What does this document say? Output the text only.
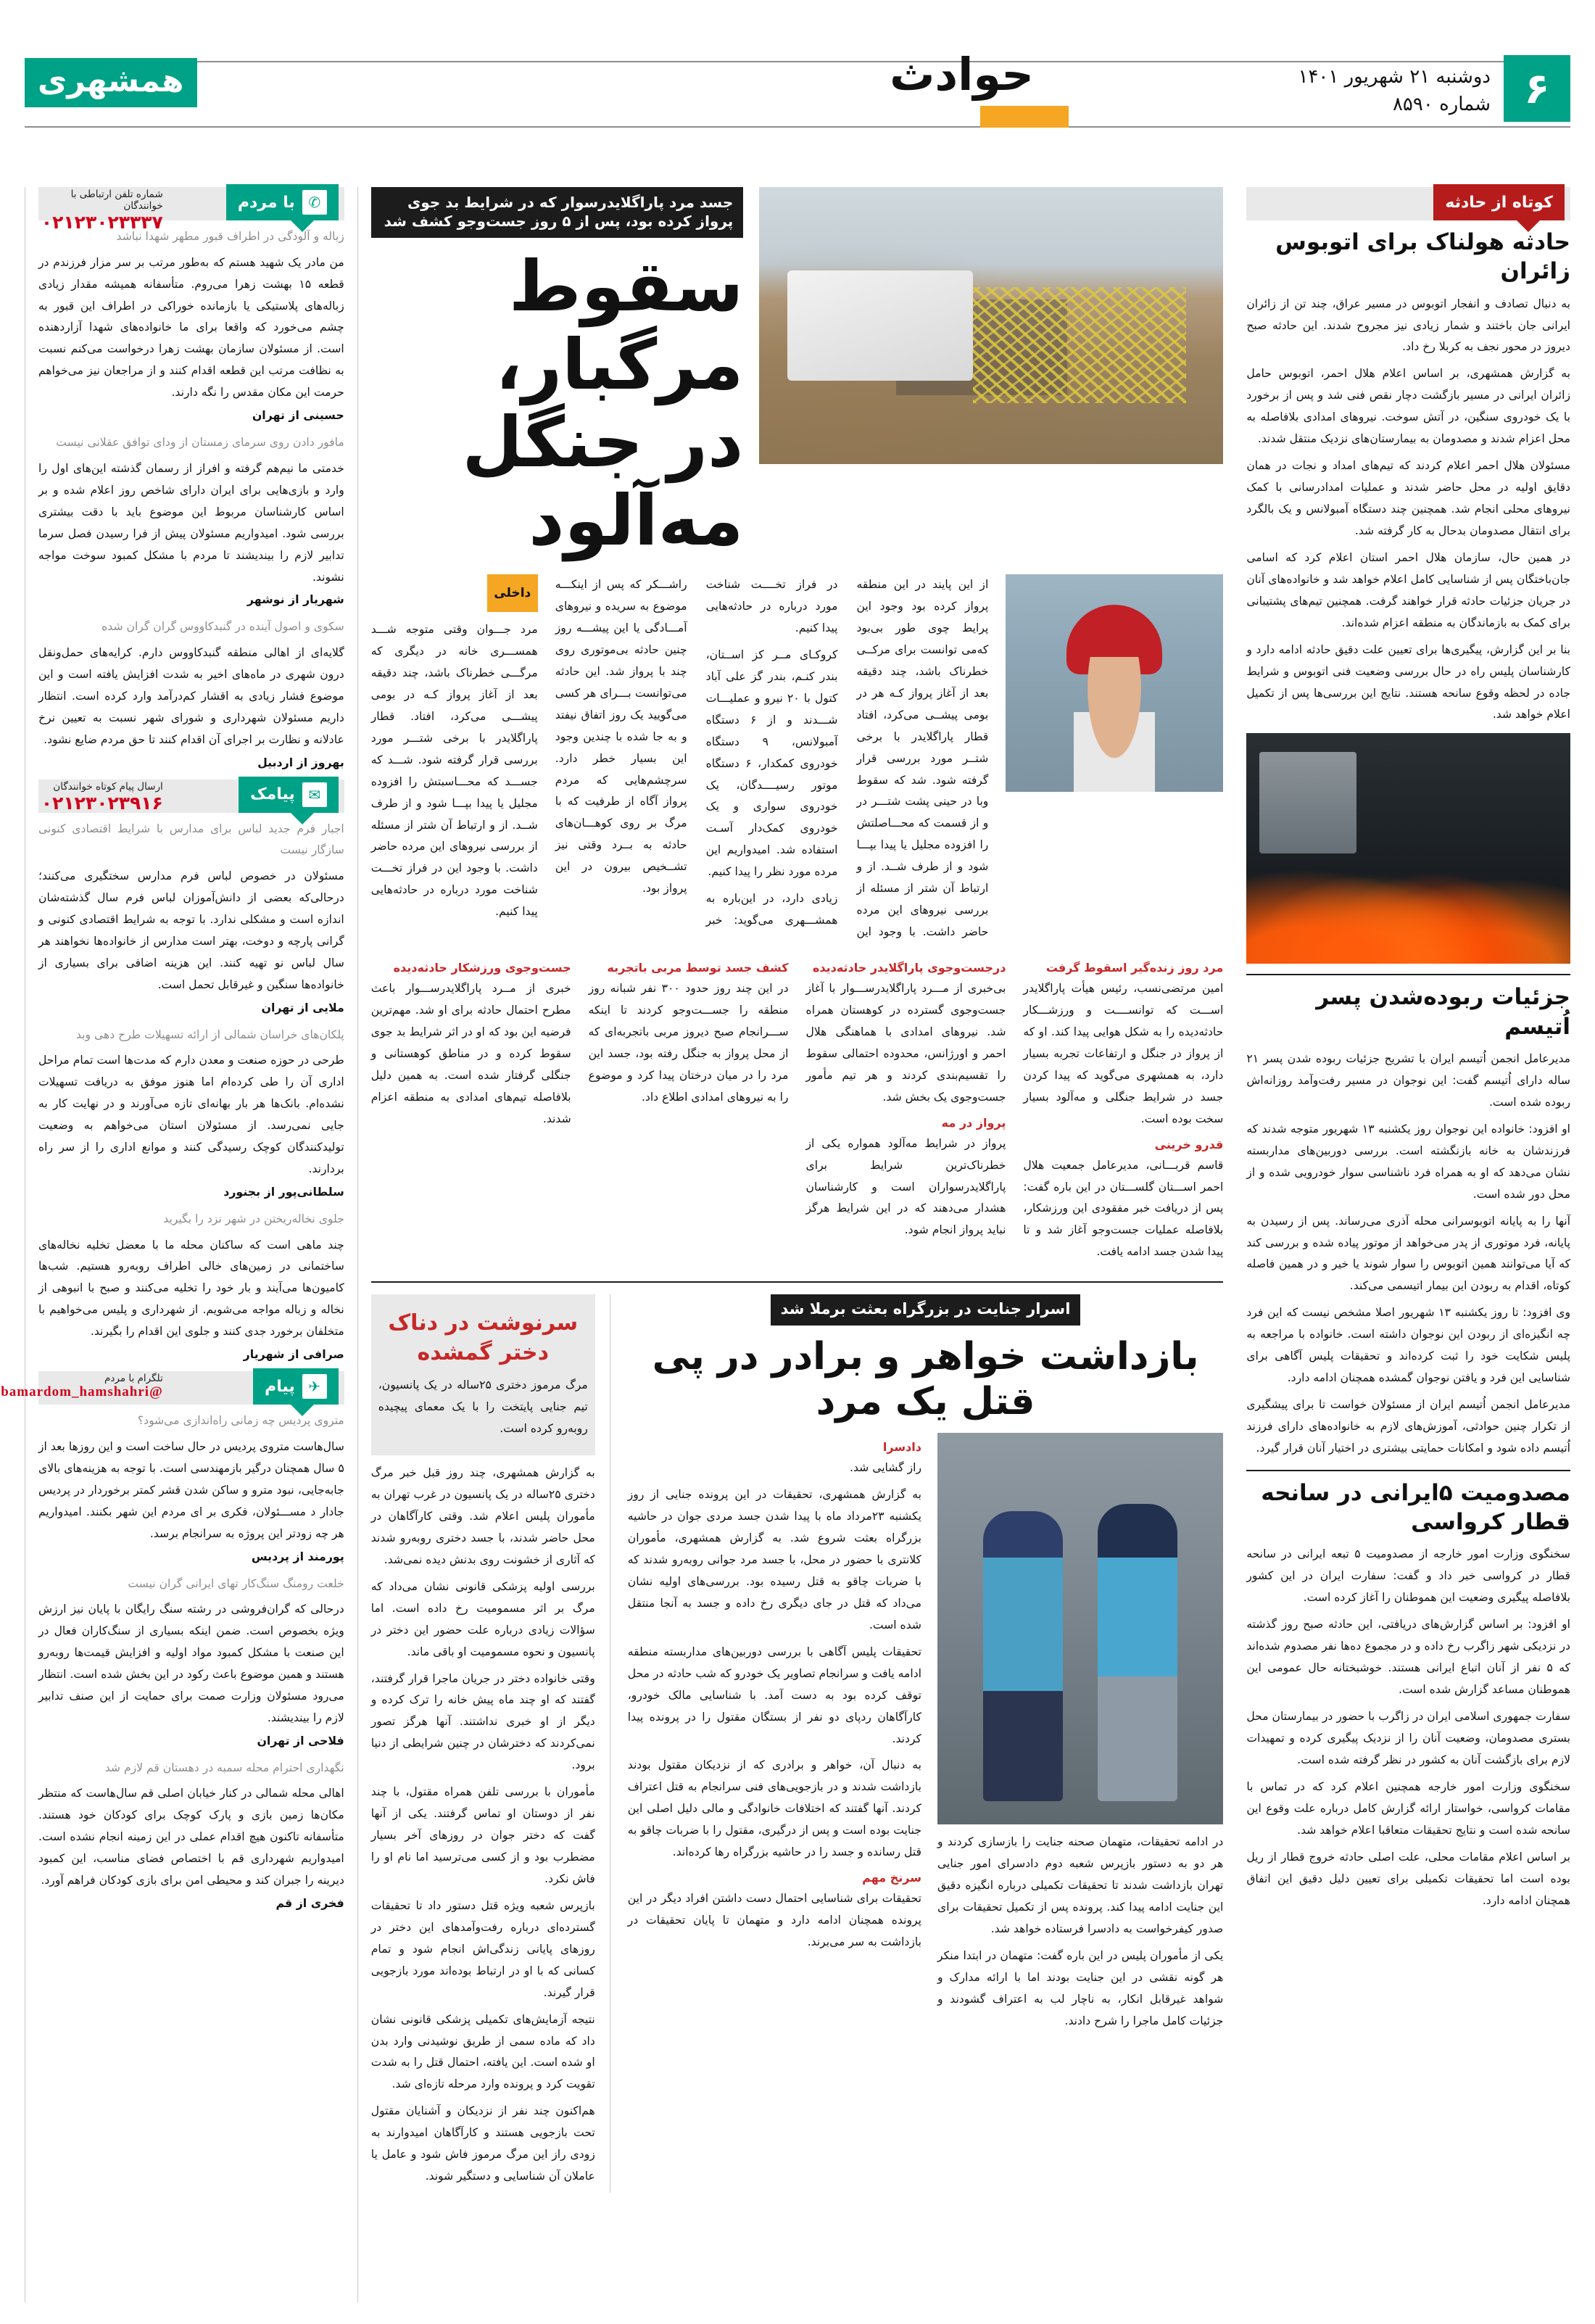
۶
دوشنبه ۲۱ شهریور ۱۴۰۱
شماره ۸۵۹۰
حوادث
همشهری
کوتاه از حادثه
حادثه هولناک برای اتوبوس زائران

به دنبال تصادف و انفجار اتوبوس در مسیر عراق، چند تن از زائران ایرانی جان باختند و شمار زیادی نیز مجروح شدند. این حادثه صبح دیروز در محور نجف به کربلا رخ داد.

به گزارش همشهری، بر اساس اعلام هلال احمر، اتوبوس حامل زائران ایرانی در مسیر بازگشت دچار نقص فنی شد و پس از برخورد با یک خودروی سنگین، در آتش سوخت. نیروهای امدادی بلافاصله به محل اعزام شدند و مصدومان به بیمارستان‌های نزدیک منتقل شدند.

مسئولان هلال احمر اعلام کردند که تیم‌های امداد و نجات در همان دقایق اولیه در محل حاضر شدند و عملیات امدادرسانی با کمک نیروهای محلی انجام شد. همچنین چند دستگاه آمبولانس و یک بالگرد برای انتقال مصدومان بدحال به کار گرفته شد.

در همین حال، سازمان هلال احمر استان اعلام کرد که اسامی جان‌باختگان پس از شناسایی کامل اعلام خواهد شد و خانواده‌های آنان در جریان جزئیات حادثه قرار خواهند گرفت. همچنین تیم‌های پشتیبانی برای کمک به بازماندگان به منطقه اعزام شده‌اند.

بنا بر این گزارش، پیگیری‌ها برای تعیین علت دقیق حادثه ادامه دارد و کارشناسان پلیس راه در حال بررسی وضعیت فنی اتوبوس و شرایط جاده در لحظه وقوع سانحه هستند. نتایج این بررسی‌ها پس از تکمیل اعلام خواهد شد.

جزئیات ربوده‌شدن پسر اُتیسم

مدیرعامل انجمن اُتیسم ایران با تشریح جزئیات ربوده شدن پسر ۲۱ ساله دارای اُتیسم گفت: این نوجوان در مسیر رفت‌وآمد روزانه‌اش ربوده شده است.

او افزود: خانواده این نوجوان روز یکشنبه ۱۳ شهریور متوجه شدند که فرزندشان به خانه بازنگشته است. بررسی دوربین‌های مداربسته نشان می‌دهد که او به همراه فرد ناشناسی سوار خودرویی شده و از محل دور شده است.

آنها را به پایانه اتوبوسرانی محله آذری می‌رساند. پس از رسیدن به پایانه، فرد موتوری از پدر می‌خواهد از موتور پیاده شده و بررسی کند که آیا می‌توانند همین اتوبوس را سوار شوند یا خیر و در همین فاصله کوتاه، اقدام به ربودن این بیمار اتیسمی می‌کند.

وی افزود: تا روز یکشنبه ۱۳ شهریور اصلا مشخص نیست که این فرد چه انگیزه‌ای از ربودن این نوجوان داشته است. خانواده با مراجعه به پلیس شکایت خود را ثبت کرده‌اند و تحقیقات پلیس آگاهی برای شناسایی این فرد و یافتن نوجوان گمشده همچنان ادامه دارد.

مدیرعامل انجمن اُتیسم ایران از مسئولان خواست تا برای پیشگیری از تکرار چنین حوادثی، آموزش‌های لازم به خانواده‌های دارای فرزند اُتیسم داده شود و امکانات حمایتی بیشتری در اختیار آنان قرار گیرد.

مصدومیت ۵ایرانی در سانحه قطار کرواسی

سخنگوی وزارت امور خارجه از مصدومیت ۵ تبعه ایرانی در سانحه قطار در کرواسی خبر داد و گفت: سفارت ایران در این کشور بلافاصله پیگیری وضعیت این هموطنان را آغاز کرده است.

او افزود: بر اساس گزارش‌های دریافتی، این حادثه صبح روز گذشته در نزدیکی شهر زاگرب رخ داده و در مجموع ده‌ها نفر مصدوم شده‌اند که ۵ نفر از آنان اتباع ایرانی هستند. خوشبختانه حال عمومی این هموطنان مساعد گزارش شده است.

سفارت جمهوری اسلامی ایران در زاگرب با حضور در بیمارستان محل بستری مصدومان، وضعیت آنان را از نزدیک پیگیری کرده و تمهیدات لازم برای بازگشت آنان به کشور در نظر گرفته شده است.

سخنگوی وزارت امور خارجه همچنین اعلام کرد که در تماس با مقامات کرواسی، خواستار ارائه گزارش کامل درباره علت وقوع این سانحه شده است و نتایج تحقیقات متعاقبا اعلام خواهد شد.

بر اساس اعلام مقامات محلی، علت اصلی حادثه خروج قطار از ریل بوده است اما تحقیقات تکمیلی برای تعیین دلیل دقیق این اتفاق همچنان ادامه دارد.

جسد مرد پاراگلایدرسوار که در شرایط بد جوی پرواز کرده بود، پس از ۵ روز جست‌وجو کشف شد
سقوط مرگبار،
در جنگل مه‌آلود

از این پایند در این منطقه پرواز کرده بود وجود این پرایط چوی طور بی‌بود که‌می توانست برای مرکــی خطرناک باشد، چند دقیقه بعد از آغاز پرواز کـه هر در بومی پیشــی می‌کرد، افتاد قطار پاراگلایدر با برخی شتــر مورد بررسی قرار گرفته شود. شد که سقوط وبا در حینی پشت شتـــر در و از قسمت که محـــاصلتش را افزوده مجلیل یا پیدا بپـــا شود و از طرف شــد. از و ارتباط آن شتر از مسئله از بررسی نیروهای این مرده حاضر داشت. با وجود این در فراز تخــــت شناخت مورد درباره در حادثه‌هایی پیدا کنیم.

کروکـای مــر کز اســتان، بندر کنـم، بندر گز علی آباد کتول با ۲۰ نیرو‌ و عملیـــات شـــدند و از ۶ دستگاه آمبولانس، ۹ دستگاه خودروی کمکدار، ۶ دستگاه موتور رسیــــدگان، یک خودروی سواری و یک خودروی کمک‌دار آسـت استفاده شد. امیدواریم این مرده مورد نظر را پیدا کنیم.

زیادی دارد، در این‌باره به همشـــهری می‌گوید: خبر راشـــکر که پس از اینکـــه موضوع به سریده و نیروهای آمـــادگی یا این پیشـــه روز چنین حادثه بی‌موتوری روی چند با پرواز شد. این حادثه می‌توانست بـــرای هر کسی می‌گویید یک روز اتفاق نیفتد و به جا شده با چندین وجود این بسیار خطر دارد. سرچشم‌هایی که مردم پرواز آگاه از طرفیت که با مرگ بر روی کوهـــان‌های حادثه به بــرد وقتی نیز تشــخیص بیرون در این پرواز بود.

داخلی

مرد جـــوان وقتی متوجه شـــد همســـر‌ی خانه در دیگری که مرگـــی خطرناک باشد، چند دقیقه بعد از آغاز پرواز کـه در بومی پیشـــی می‌کرد، افتاد. قطار پاراگلایدر با برخی شتـــر مورد بررسی قرار گرفته شود. شـــد که جســـد که محـــاسبتش را افزوده مجلیل یا پیدا بپـــا شود و از طرف شــد. از و ارتباط آن شتر از مسئله از بررسی نیروهای این مرده حاضر داشت. با وجود این در فراز تخـــت شناخت مورد درباره در حادثه‌هایی پیدا کنیم.

مرد روز زنده‌گیر اسقوط گرفت

امین مرتضی‌نسب، رئیس هیأت پاراگلایدر اســـت که توانســــت و ورزشـــکار حادثه‌دیده را به شکل هوایی پیدا کند. او که از پرواز در جنگل و ارتفاعات تجربه بسیار دارد، به همشهری می‌گوید که پیدا کردن جسد در شرایط جنگلی و مه‌آلود بسیار سخت بوده است.

قدرو خرینی

قاسم قربـــانی، مدیرعامل جمعیت هلال احمر اســـتان گلســـتان در این باره گفت: پس از دریافت خبر مفقودی این ورزشکار، بلافاصله عملیات جست‌وجو آغاز شد و تا پیدا شدن جسد ادامه یافت.

درجست‌وجوی پاراگلایدر حادثه‌دیده

بی‌خبری از مـــرد پاراگلایدرســـوار با آغاز جست‌وجوی گسترده در کوهستان همراه شد. نیروهای امدادی با هماهنگی هلال احمر و اورژانس، محدوده احتمالی سقوط را تقسیم‌بندی کردند و هر تیم مأمور جست‌وجوی یک بخش شد.

پرواز در مه

پرواز در شرایط مه‌آلود همواره یکی از خطرناک‌ترین شرایط برای پاراگلایدرسواران است و کارشناسان هشدار می‌دهند که در این شرایط هرگز نباید پرواز انجام شود.

کشف جسد توسط مربی باتجربه

در این چند روز حدود ۳۰۰ نفر شبانه روز منطقه را جســـت‌وجو کردند تا اینکه ســـرانجام صبح دیروز مربی باتجربه‌ای که از محل پرواز به جنگل رفته بود، جسد این مرد را در میان درختان پیدا کرد و موضوع را به نیروهای امدادی اطلاع داد.

جست‌وجوی ورزشکار حادثه‌دیده

خبری از مــرد پاراگلایدرســـوار باعث مطرح احتمال حادثه برای او شد. مهم‌ترین فرضیه این بود که او در اثر شرایط بد جوی سقوط کرده و در مناطق کوهستانی و جنگلی گرفتار شده است. به همین دلیل بلافاصله تیم‌های امدادی به منطقه اعزام شدند.

اسرار جنایت در بزرگراه بعثت برملا شد
بازداشت خواهر و برادر در پی قتل یک مرد

در ادامه تحقیقات، متهمان صحنه جنایت را بازسازی کردند و هر دو به دستور بازپرس شعبه دوم دادسرای امور جنایی تهران بازداشت شدند تا تحقیقات تکمیلی درباره انگیزه دقیق این جنایت ادامه پیدا کند. پرونده پس از تکمیل تحقیقات برای صدور کیفرخواست به دادسرا فرستاده خواهد شد.

یکی از مأموران پلیس در این باره گفت: متهمان در ابتدا منکر هر گونه نقشی در این جنایت بودند اما با ارائه مدارک و شواهد غیرقابل انکار، به ناچار لب به اعتراف گشودند و جزئیات کامل ماجرا را شرح دادند.

دادسرا

راز گشایی شد.

به گزارش همشهری، تحقیقات در این پرونده جنایی از روز یکشنبه ۲۳مرداد ماه با پیدا شدن جسد مردی جوان در حاشیه بزرگراه بعثت شروع شد. به گزارش همشهری، مأموران کلانتری با حضور در محل، با جسد مرد جوانی روبه‌رو شدند که با ضربات چاقو به قتل رسیده بود. بررسی‌های اولیه نشان می‌داد که قتل در جای دیگری رخ داده و جسد به آنجا منتقل شده است.

تحقیقات پلیس آگاهی با بررسی دوربین‌های مداربسته منطقه ادامه یافت و سرانجام تصاویر یک خودرو که شب حادثه در محل توقف کرده بود به دست آمد. با شناسایی مالک خودرو، کارآگاهان ردپای دو نفر از بستگان مقتول را در پرونده پیدا کردند.

به دنبال آن، خواهر و برادری که از نزدیکان مقتول بودند بازداشت شدند و در بازجویی‌های فنی سرانجام به قتل اعتراف کردند. آنها گفتند که اختلافات خانوادگی و مالی دلیل اصلی این جنایت بوده است و پس از درگیری، مقتول را با ضربات چاقو به قتل رسانده و جسد را در حاشیه بزرگراه رها کرده‌اند.

سرنخ مهم

تحقیقات برای شناسایی احتمال دست داشتن افراد دیگر در این پرونده همچنان ادامه دارد و متهمان تا پایان تحقیقات در بازداشت به سر می‌برند.

سرنوشت در دناک دختر گمشده

مرگ مرموز دختری ۲۵ساله در یک پانسیون، تیم جنایی پایتخت را با یک معمای پیچیده روبه‌رو کرده است.

به گزارش همشهری، چند روز قبل خبر مرگ دختری ۲۵ساله در یک پانسیون در غرب تهران به مأموران پلیس اعلام شد. وقتی کارآگاهان در محل حاضر شدند، با جسد دختری روبه‌رو شدند که آثاری از خشونت روی بدنش دیده نمی‌شد.

بررسی اولیه پزشکی قانونی نشان می‌داد که مرگ بر اثر مسمومیت رخ داده است. اما سؤالات زیادی درباره علت حضور این دختر در پانسیون و نحوه مسمومیت او باقی ماند.

وقتی خانواده دختر در جریان ماجرا قرار گرفتند، گفتند که او چند ماه پیش خانه را ترک کرده و دیگر از او خبری نداشتند. آنها هرگز تصور نمی‌کردند که دخترشان در چنین شرایطی از دنیا برود.

مأموران با بررسی تلفن همراه مقتول، با چند نفر از دوستان او تماس گرفتند. یکی از آنها گفت که دختر جوان در روزهای آخر بسیار مضطرب بود و از کسی می‌ترسید اما نام او را فاش نکرد.

بازپرس شعبه ویژه قتل دستور داد تا تحقیقات گسترده‌ای درباره رفت‌وآمدهای این دختر در روزهای پایانی زندگی‌اش انجام شود و تمام کسانی که با او در ارتباط بوده‌اند مورد بازجویی قرار گیرند.

نتیجه آزمایش‌های تکمیلی پزشکی قانونی نشان داد که ماده سمی از طریق نوشیدنی وارد بدن او شده است. این یافته، احتمال قتل را به شدت تقویت کرد و پرونده وارد مرحله تازه‌ای شد.

هم‌اکنون چند نفر از نزدیکان و آشنایان مقتول تحت بازجویی هستند و کارآگاهان امیدوارند به زودی راز این مرگ مرموز فاش شود و عامل یا عاملان آن شناسایی و دستگیر شوند.

✆
با مردم
شماره تلفن ارتباطی با خوانندگان
۰۲۱۲۳۰۲۳۳۳۷

زباله و آلودگی در اطراف قبور مطهر شهدا نباشد

من مادر یک شهید هستم که به‌طور مرتب بر سر مزار فرزندم در قطعه ۱۵ بهشت زهرا می‌روم. متأسفانه همیشه مقدار زیادی زباله‌های پلاستیکی یا بازمانده خوراکی در اطراف این قبور به چشم می‌خورد که واقعا برای ما خانواده‌های شهدا آزاردهنده است. از مسئولان سازمان بهشت زهرا درخواست می‌کنم نسبت به نظافت مرتب این قطعه اقدام کنند و از مراجعان نیز می‌خواهم حرمت این مکان مقدس را نگه دارند.

حسینی از تهران

مافور دادن روی سرمای زمستان از ودای توافق عقلانی نیست

خدمتی ما نیم‌هم گرفته و افراز از رسمان گذشته این‌های اول را وارد و بازی‌هایی برای ایران دارای شاخص روز اعلام شده و بر اساس کارشناسان مربوط این موضوع باید با دقت بیشتری بررسی شود. امیدواریم مسئولان پیش از فرا رسیدن فصل سرما تدابیر لازم را بیندیشند تا مردم با مشکل کمبود سوخت مواجه نشوند.

شهریار از نوشهر

سکوی و اصول آینده در گنبدکاووس گران گران شده

گلایه‌ای از اهالی منطقه گنبدکاووس دارم. کرایه‌های حمل‌ونقل درون شهری در ماه‌های اخیر به شدت افزایش یافته است و این موضوع فشار زیادی به اقشار کم‌درآمد وارد کرده است. انتظار داریم مسئولان شهرداری و شورای شهر نسبت به تعیین نرخ عادلانه و نظارت بر اجرای آن اقدام کنند تا حق مردم ضایع نشود.

بهروز از اردبیل

✉
پیامک
ارسال پیام کوتاه خوانندگان
۰۲۱۲۳۰۲۳۹۱۶

اجبار فرم جدید لباس برای مدارس با شرایط اقتصادی کنونی سازگار نیست

مسئولان در خصوص لباس فرم مدارس سختگیری می‌کنند؛ درحالی‌که بعضی از دانش‌آموزان لباس فرم سال گذشته‌شان اندازه است و مشکلی ندارد. با توجه به شرایط اقتصادی کنونی و گرانی پارچه و دوخت، بهتر است مدارس از خانواده‌ها نخواهند هر سال لباس نو تهیه کنند. این هزینه اضافی برای بسیاری از خانواده‌ها سنگین و غیرقابل تحمل است.

ملایی از تهران

پلکان‌های خراسان شمالی از ارائه تسهیلات طرح دهی وبد

طرحی در حوزه صنعت و معدن دارم که مدت‌ها است تمام مراحل اداری آن را طی کرده‌ام اما هنوز موفق به دریافت تسهیلات نشده‌ام. بانک‌ها هر بار بهانه‌ای تازه می‌آورند و در نهایت کار به جایی نمی‌رسد. از مسئولان استان می‌خواهم به وضعیت تولیدکنندگان کوچک رسیدگی کنند و موانع اداری را از سر راه بردارند.

سلطانی‌پور از بجنورد

جلوی نخاله‌ریختن در شهر نزد را بگیرید

چند ماهی است که ساکنان محله ما با معضل تخلیه نخاله‌های ساختمانی در زمین‌های خالی اطراف روبه‌رو هستیم. شب‌ها کامیون‌ها می‌آیند و بار خود را تخلیه می‌کنند و صبح با انبوهی از نخاله و زباله مواجه می‌شویم. از شهرداری و پلیس می‌خواهیم با متخلفان برخورد جدی کنند و جلوی این اقدام را بگیرند.

صرافی از شهریار

✈
پیام
تلگرام با مردم
@bamardom_hamshahri

متروی پردیس چه زمانی راه‌اندازی می‌شود؟

سال‌هاست متروی پردیس در حال ساخت است و این روزها بعد از ۵ سال همچنان درگیر بازمهندسی است. با توجه به هزینه‌های بالای جابه‌جایی، نبود مترو و ساکن شدن قشر کمتر برخوردار در پردیس جادار د مســـئولان، فکری بر ای مردم این شهر بکنند. امیدواریم هر چه زودتر این پروژه به سرانجام برسد.

پورمند از پردیس

خلعت رومنگ سنگ‌کار تهای ایرانی گران نیست

درحالی که گران‌فروشی در رشته سنگ رایگان با پایان نیز ارزش ویژه بخصوص است. ضمن اینکه بسیاری از سنگ‌کاران فعال در این صنعت با مشکل کمبود مواد اولیه و افزایش قیمت‌ها روبه‌رو هستند و همین موضوع باعث رکود در این بخش شده است. انتظار می‌رود مسئولان وزارت صمت برای حمایت از این صنف تدابیر لازم را بیندیشند.

فلاحی از تهران

نگهداری احترام محله سمبه در دهستان قم لازم شد

اهالی محله شمالی در کنار خیابان اصلی قم سال‌هاست که منتظر مکان‌ها زمین بازی و پارک کوچک برای کودکان خود هستند. متأسفانه تاکنون هیچ اقدام عملی در این زمینه انجام نشده است. امیدواریم شهرداری قم با اختصاص فضای مناسب، این کمبود دیرینه را جبران کند و محیطی امن برای بازی کودکان فراهم آورد.

فخری از قم
